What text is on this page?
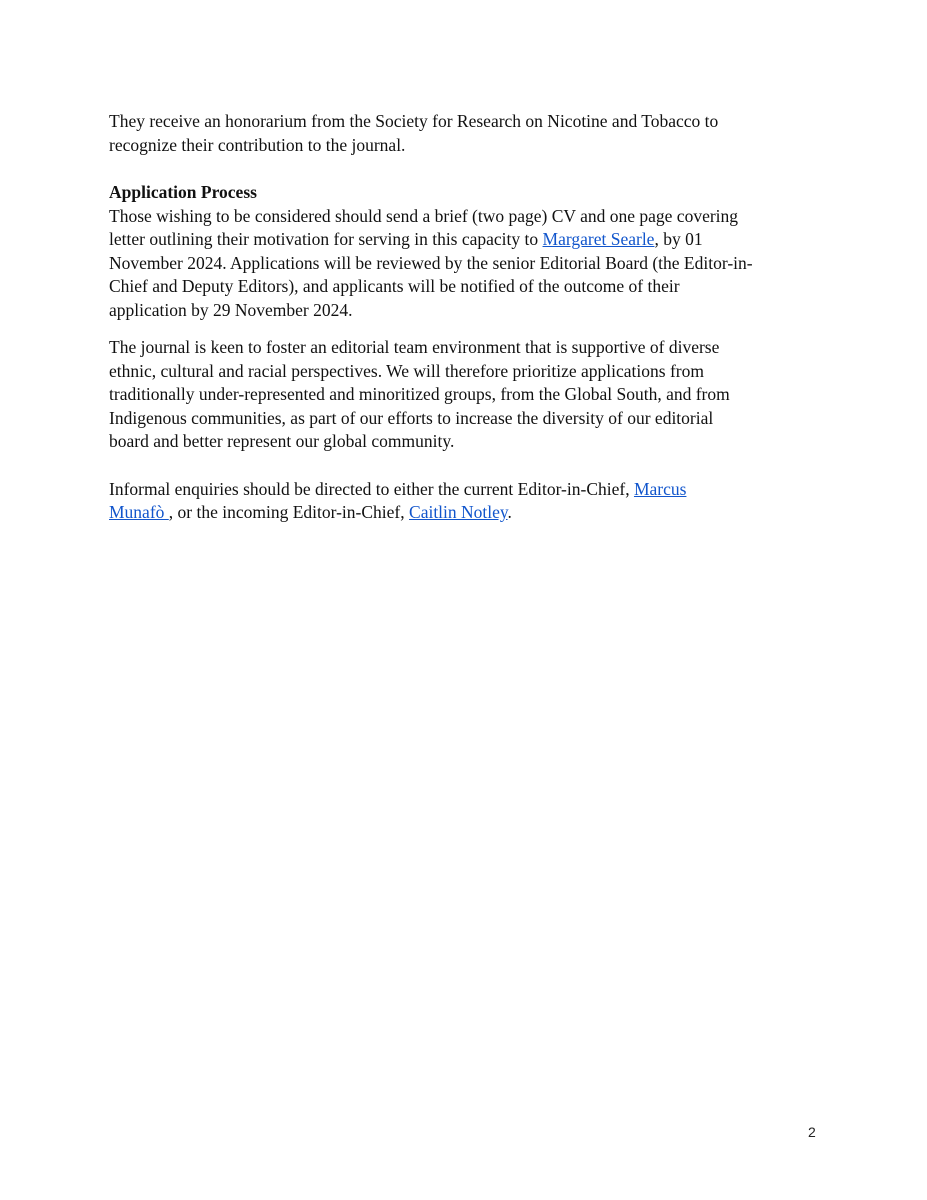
They receive an honorarium from the Society for Research on Nicotine and Tobacco to
recognize their contribution to the journal.
Application Process
Those wishing to be considered should send a brief (two page) CV and one page covering
letter outlining their motivation for serving in this capacity to Margaret Searle, by 01
November 2024. Applications will be reviewed by the senior Editorial Board (the Editor-in-
Chief and Deputy Editors), and applicants will be notified of the outcome of their
application by 29 November 2024.
The journal is keen to foster an editorial team environment that is supportive of diverse
ethnic, cultural and racial perspectives. We will therefore prioritize applications from
traditionally under-represented and minoritized groups, from the Global South, and from
Indigenous communities, as part of our efforts to increase the diversity of our editorial
board and better represent our global community.
Informal enquiries should be directed to either the current Editor-in-Chief, Marcus
Munafò , or the incoming Editor-in-Chief, Caitlin Notley.
2
